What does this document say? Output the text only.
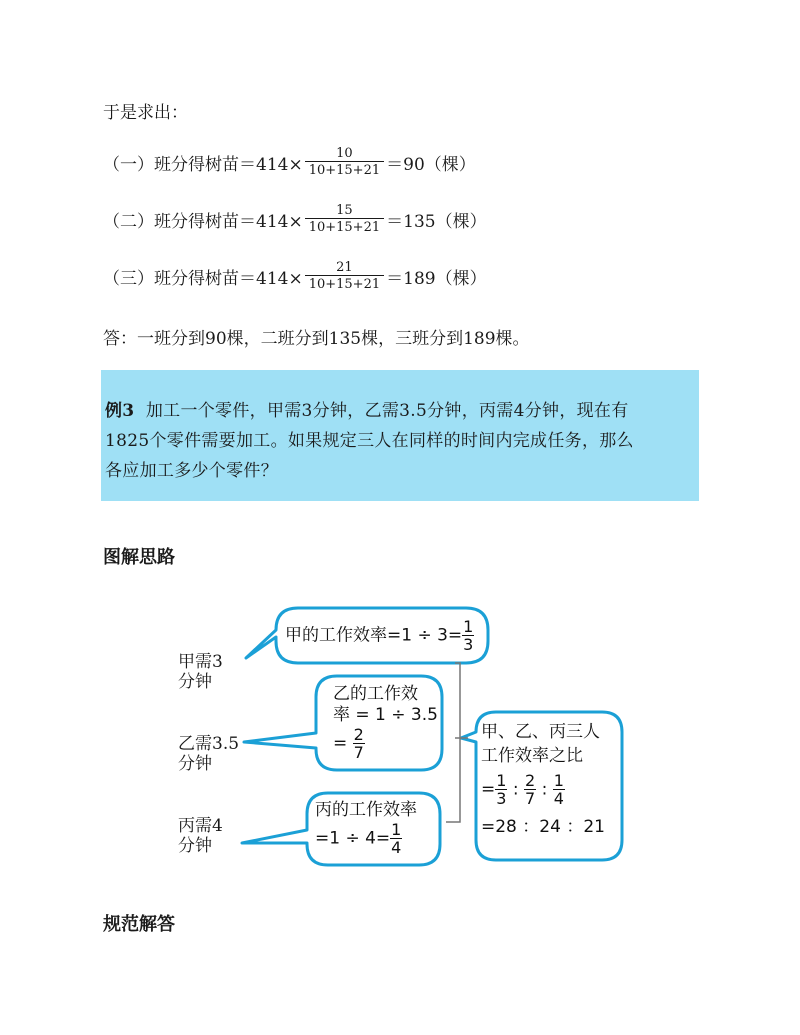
于是求出：
（一）班分得树苗$=414\times \frac{10}{10+15+21} =90$（棵）
（二）班分得树苗$=414\times \frac{15}{10+15+21} =135$（棵）
（三）班分得树苗$=414\times \frac{21}{10+15+21} =189$（棵）
答：一班分到90棵，二班分到135棵，三班分到189棵。

例3 加工一个零件，甲需3分钟，乙需3.5分钟，丙需4分钟，现在有

1825个零件需要加工。如果规定三人在同样的时间内完成任务，那么

各应加工多少个零件？

图解思路
甲需3
分钟
乙需3.5
分钟
丙需4
分钟
甲的工作效率$=1 \div 3= \frac{1}{3}$
乙的工作效
率 = 1 ÷ 3.5
= $\frac{2}{7}$
丙的工作效率
$=1 \div 4= \frac{1}{4}$
甲、乙、丙三人
工作效率之比
= $\frac{1}{3}$ : $\frac{2}{7}$ : $\frac{1}{4}$
=28 ：24 ：21
规范解答
